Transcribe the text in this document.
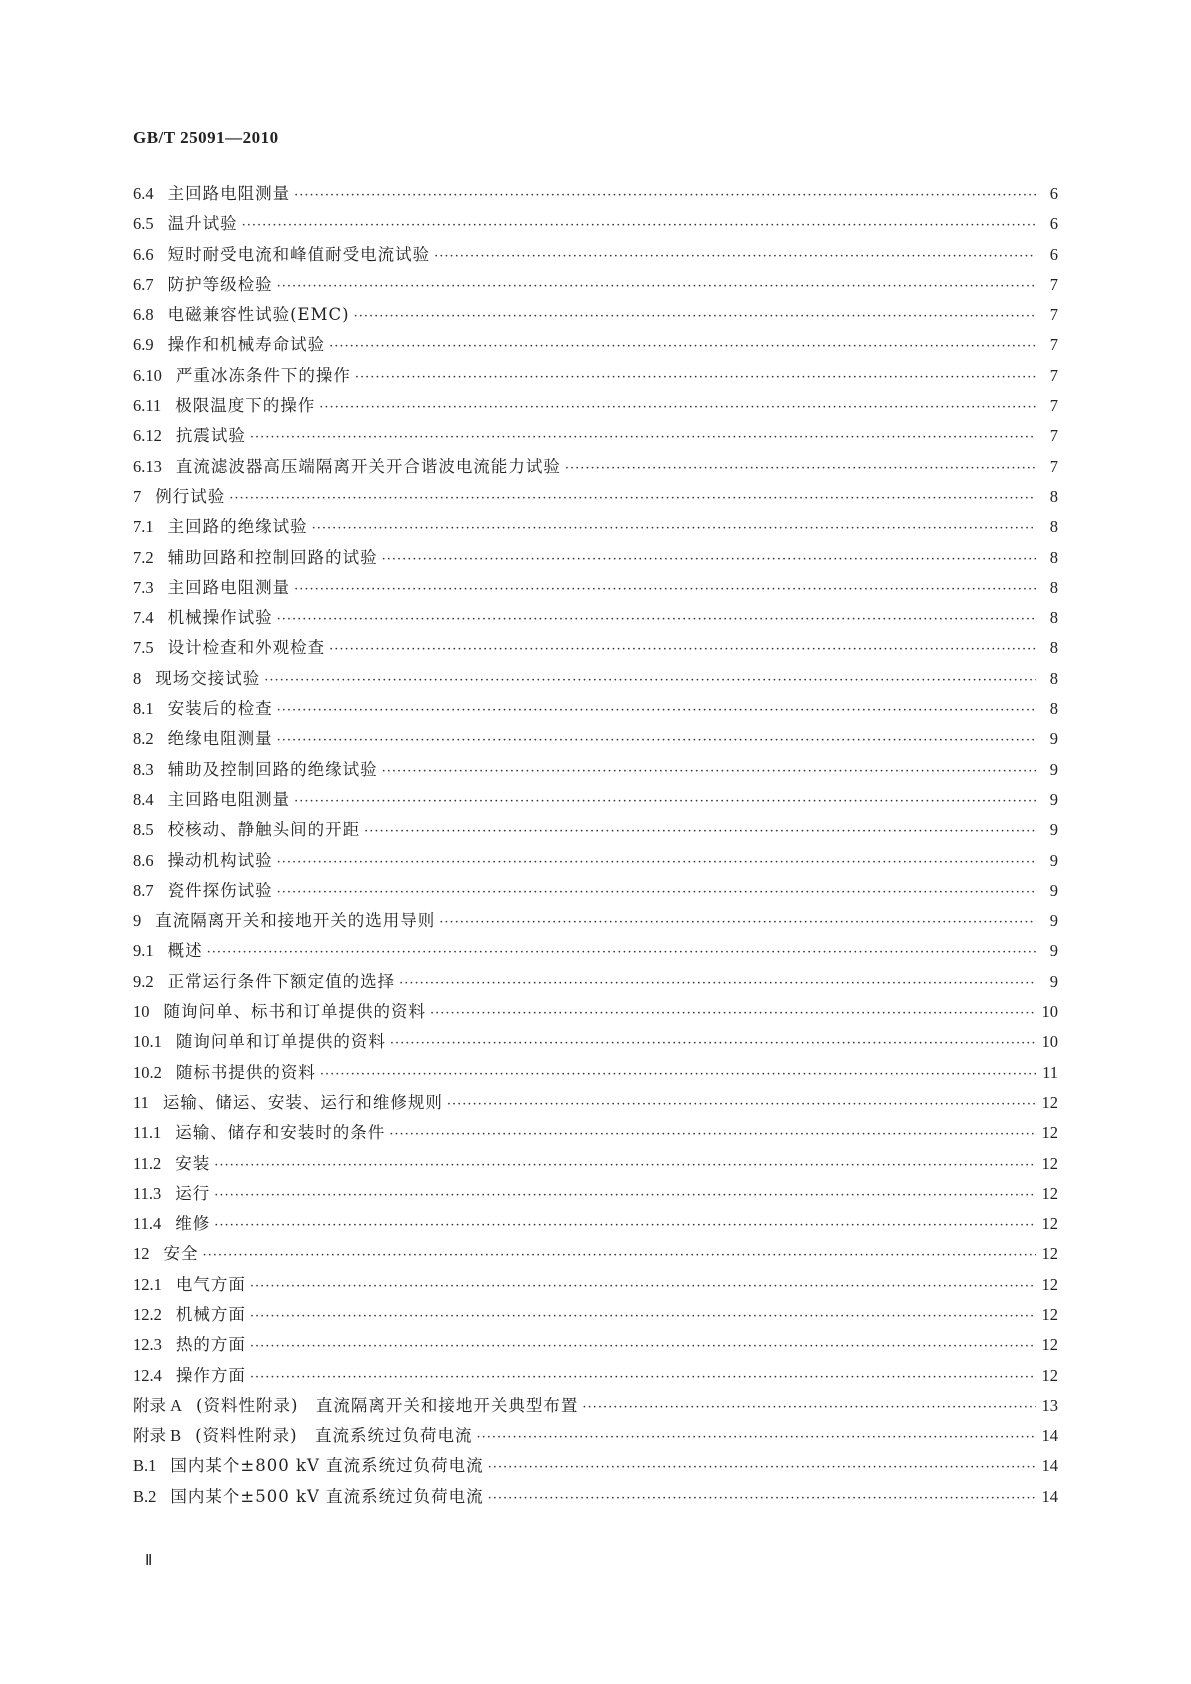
GB/T 25091—2010
6.4 主回路电阻测量 ·····	6
6.5 温升试验 ·····	6
6.6 短时耐受电流和峰值耐受电流试验 ·····	6
6.7 防护等级检验 ·····	7
6.8 电磁兼容性试验(EMC) ·····	7
6.9 操作和机械寿命试验 ·····	7
6.10 严重冰冻条件下的操作 ·····	7
6.11 极限温度下的操作 ·····	7
6.12 抗震试验 ·····	7
6.13 直流滤波器高压端隔离开关开合谐波电流能力试验 ·····	7
7 例行试验 ·····	8
7.1 主回路的绝缘试验 ·····	8
7.2 辅助回路和控制回路的试验 ·····	8
7.3 主回路电阻测量 ·····	8
7.4 机械操作试验 ·····	8
7.5 设计检查和外观检查 ·····	8
8 现场交接试验 ·····	8
8.1 安装后的检查 ·····	8
8.2 绝缘电阻测量 ·····	9
8.3 辅助及控制回路的绝缘试验 ·····	9
8.4 主回路电阻测量 ·····	9
8.5 校核动、静触头间的开距 ·····	9
8.6 操动机构试验 ·····	9
8.7 瓷件探伤试验 ·····	9
9 直流隔离开关和接地开关的选用导则 ·····	9
9.1 概述 ·····	9
9.2 正常运行条件下额定值的选择 ·····	9
10 随询问单、标书和订单提供的资料 ·····	10
10.1 随询问单和订单提供的资料 ·····	10
10.2 随标书提供的资料 ·····	11
11 运输、储运、安装、运行和维修规则 ·····	12
11.1 运输、储存和安装时的条件 ·····	12
11.2 安装 ·····	12
11.3 运行 ·····	12
11.4 维修 ·····	12
12 安全 ·····	12
12.1 电气方面 ·····	12
12.2 机械方面 ·····	12
12.3 热的方面 ·····	12
12.4 操作方面 ·····	12
附录 A (资料性附录)　直流隔离开关和接地开关典型布置 ·····	13
附录 B (资料性附录)　直流系统过负荷电流 ·····	14
B.1 国内某个±800 kV 直流系统过负荷电流 ·····	14
B.2 国内某个±500 kV 直流系统过负荷电流 ·····	14
Ⅱ
